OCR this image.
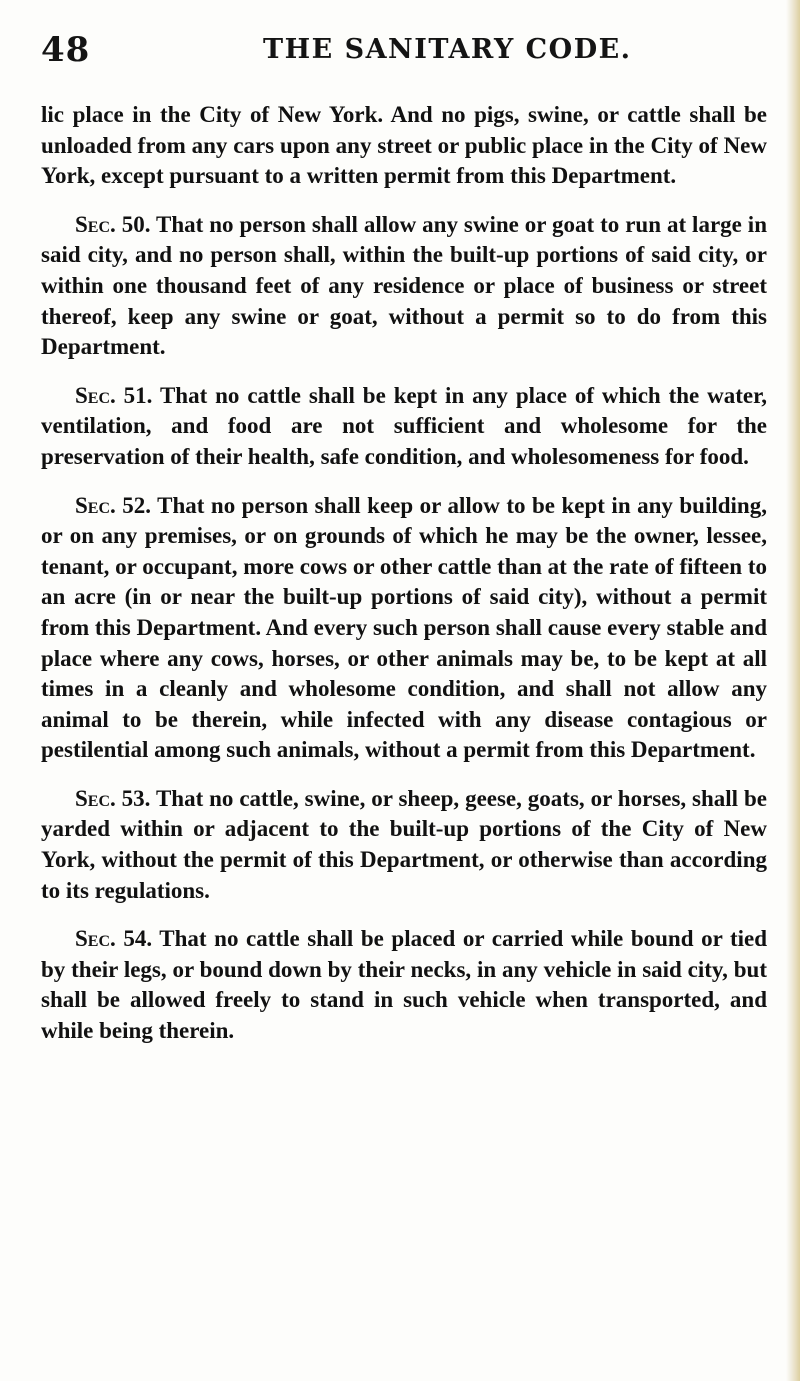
48	THE SANITARY CODE.

lic place in the City of New York. And no pigs, swine, or cattle shall be unloaded from any cars upon any street or public place in the City of New York, except pursuant to a written permit from this Department.

Sec. 50. That no person shall allow any swine or goat to run at large in said city, and no person shall, within the built-up portions of said city, or within one thousand feet of any residence or place of business or street thereof, keep any swine or goat, without a permit so to do from this Department.

Sec. 51. That no cattle shall be kept in any place of which the water, ventilation, and food are not sufficient and wholesome for the preservation of their health, safe condition, and wholesomeness for food.

Sec. 52. That no person shall keep or allow to be kept in any building, or on any premises, or on grounds of which he may be the owner, lessee, tenant, or occupant, more cows or other cattle than at the rate of fifteen to an acre (in or near the built-up portions of said city), without a permit from this Department. And every such person shall cause every stable and place where any cows, horses, or other animals may be, to be kept at all times in a cleanly and wholesome condition, and shall not allow any animal to be therein, while infected with any disease contagious or pestilential among such animals, without a permit from this Department.

Sec. 53. That no cattle, swine, or sheep, geese, goats, or horses, shall be yarded within or adjacent to the built-up portions of the City of New York, without the permit of this Department, or otherwise than according to its regulations.

Sec. 54. That no cattle shall be placed or carried while bound or tied by their legs, or bound down by their necks, in any vehicle in said city, but shall be allowed freely to stand in such vehicle when transported, and while being therein.
